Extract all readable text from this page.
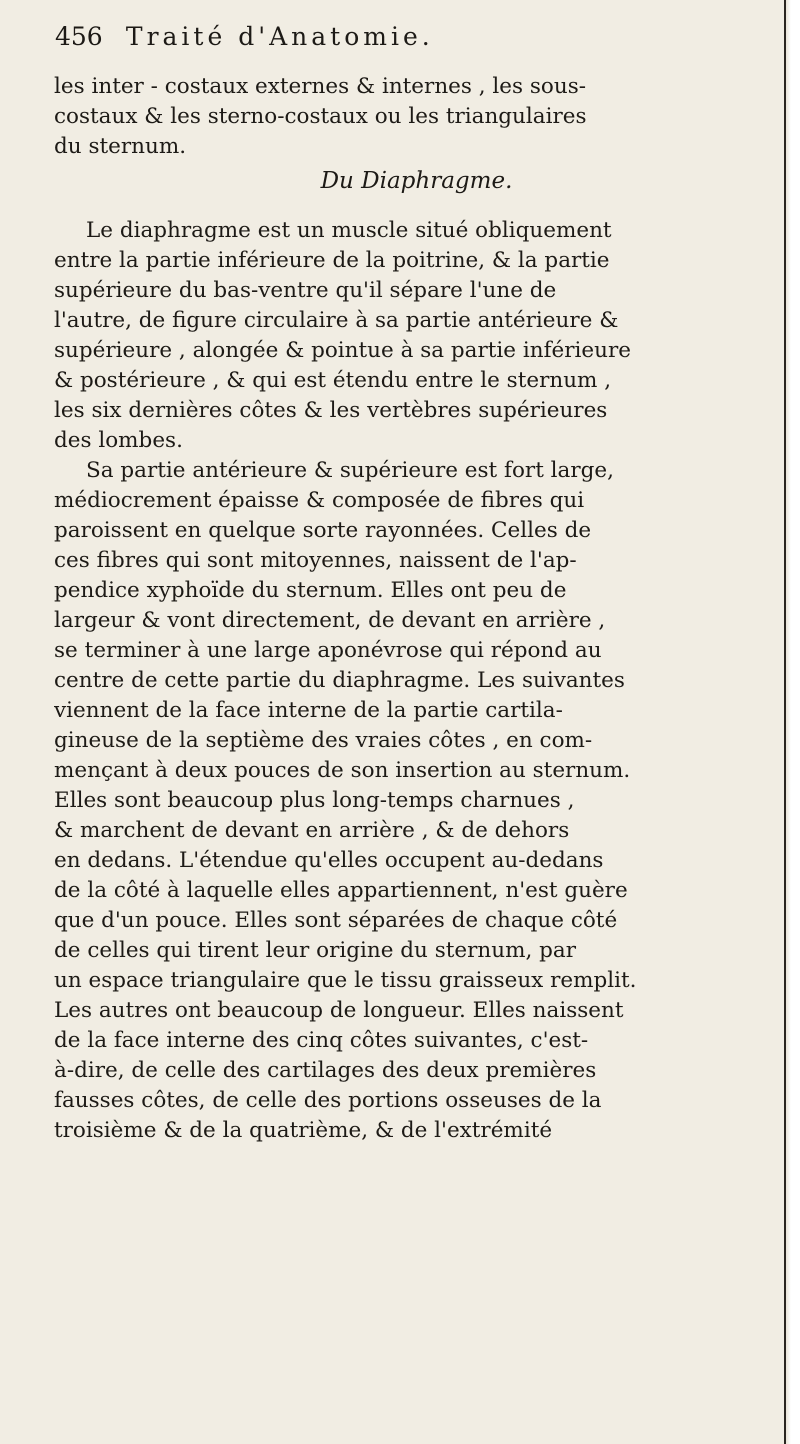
456 Traité d'Anatomie.
les inter - costaux externes & internes , les sous-
costaux & les sterno-costaux ou les triangulaires
du sternum.
Du Diaphragme.
Le diaphragme est un muscle situé obliquement
entre la partie inférieure de la poitrine, & la partie
supérieure du bas-ventre qu'il sépare l'une de
l'autre, de figure circulaire à sa partie antérieure &
supérieure , alongée & pointue à sa partie inférieure
& postérieure , & qui est étendu entre le sternum ,
les six dernières côtes & les vertèbres supérieures
des lombes.
Sa partie antérieure & supérieure est fort large,
médiocrement épaisse & composée de fibres qui
paroissent en quelque sorte rayonnées. Celles de
ces fibres qui sont mitoyennes, naissent de l'ap-
pendice xyphoïde du sternum. Elles ont peu de
largeur & vont directement, de devant en arrière ,
se terminer à une large aponévrose qui répond au
centre de cette partie du diaphragme. Les suivantes
viennent de la face interne de la partie cartila-
gineuse de la septième des vraies côtes , en com-
mençant à deux pouces de son insertion au sternum.
Elles sont beaucoup plus long-temps charnues ,
& marchent de devant en arrière , & de dehors
en dedans. L'étendue qu'elles occupent au-dedans
de la côté à laquelle elles appartiennent, n'est guère
que d'un pouce. Elles sont séparées de chaque côté
de celles qui tirent leur origine du sternum, par
un espace triangulaire que le tissu graisseux remplit.
Les autres ont beaucoup de longueur. Elles naissent
de la face interne des cinq côtes suivantes, c'est-
à-dire, de celle des cartilages des deux premières
fausses côtes, de celle des portions osseuses de la
troisième & de la quatrième, & de l'extrémité
